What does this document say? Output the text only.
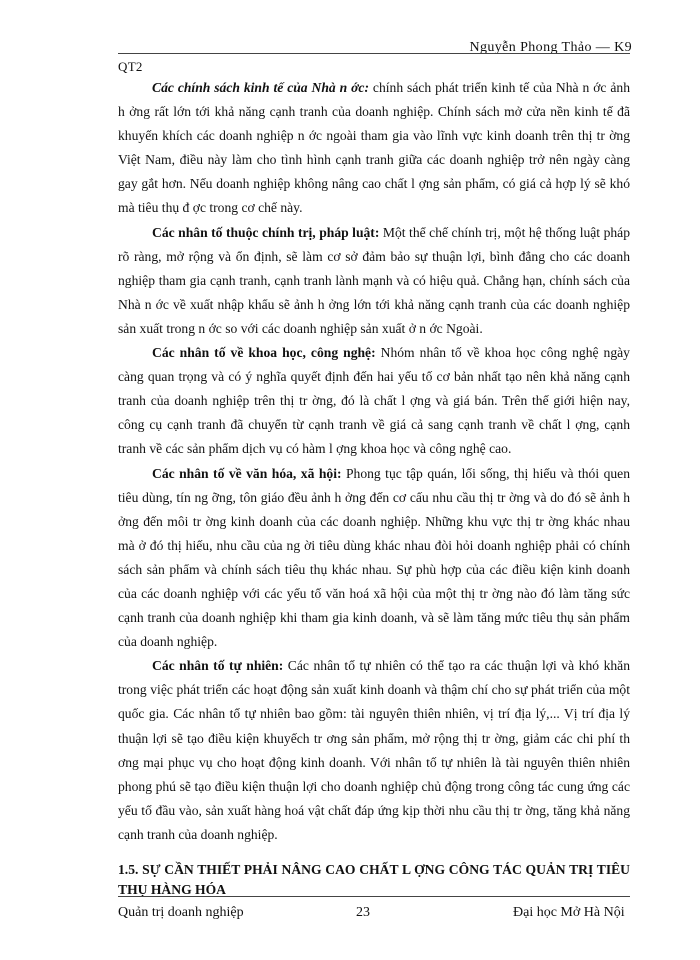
Nguyễn Phong Thảo — K9
QT2

Các chính sách kinh tế của Nhà n ớc: chính sách phát triển kinh tế của Nhà n ớc ảnh h ởng rất lớn tới khả năng cạnh tranh của doanh nghiệp. Chính sách mở cửa nền kinh tế đã khuyến khích các doanh nghiệp n ớc ngoài tham gia vào lĩnh vực kinh doanh trên thị tr ờng Việt Nam, điều này làm cho tình hình cạnh tranh giữa các doanh nghiệp trở nên ngày càng gay gắt hơn. Nếu doanh nghiệp không nâng cao chất l ợng sản phẩm, có giá cả hợp lý sẽ khó mà tiêu thụ đ ợc trong cơ chế này.

Các nhân tố thuộc chính trị, pháp luật: Một thể chế chính trị, một hệ thống luật pháp rõ ràng, mở rộng và ổn định, sẽ làm cơ sở đảm bảo sự thuận lợi, bình đẳng cho các doanh nghiệp tham gia cạnh tranh, cạnh tranh lành mạnh và có hiệu quả. Chẳng hạn, chính sách của Nhà n ớc về xuất nhập khẩu sẽ ảnh h ởng lớn tới khả năng cạnh tranh của các doanh nghiệp sản xuất trong n ớc so với các doanh nghiệp sản xuất ở n ớc Ngoài.

Các nhân tố về khoa học, công nghệ: Nhóm nhân tố về khoa học công nghệ ngày càng quan trọng và có ý nghĩa quyết định đến hai yếu tố cơ bản nhất tạo nên khả năng cạnh tranh của doanh nghiệp trên thị tr ờng, đó là chất l ợng và giá bán. Trên thế giới hiện nay, công cụ cạnh tranh đã chuyển từ cạnh tranh về giá cả sang cạnh tranh về chất l ợng, cạnh tranh về các sản phẩm dịch vụ có hàm l ợng khoa học và công nghệ cao.

Các nhân tố về văn hóa, xã hội: Phong tục tập quán, lối sống, thị hiếu và thói quen tiêu dùng, tín ng ỡng, tôn giáo đều ảnh h ởng đến cơ cấu nhu cầu thị tr ờng và do đó sẽ ảnh h ởng đến môi tr ờng kinh doanh của các doanh nghiệp. Những khu vực thị tr ờng khác nhau mà ở đó thị hiếu, nhu cầu của ng ời tiêu dùng khác nhau đòi hỏi doanh nghiệp phải có chính sách sản phẩm và chính sách tiêu thụ khác nhau. Sự phù hợp của các điều kiện kinh doanh của các doanh nghiệp với các yếu tố văn hoá xã hội của một thị tr ờng nào đó làm tăng sức cạnh tranh của doanh nghiệp khi tham gia kinh doanh, và sẽ làm tăng mức tiêu thụ sản phẩm của doanh nghiệp.

Các nhân tố tự nhiên: Các nhân tố tự nhiên có thể tạo ra các thuận lợi và khó khăn trong việc phát triển các hoạt động sản xuất kinh doanh và thậm chí cho sự phát triển của một quốc gia. Các nhân tố tự nhiên bao gồm: tài nguyên thiên nhiên, vị trí địa lý,... Vị trí địa lý thuận lợi sẽ tạo điều kiện khuyếch tr ơng sản phẩm, mở rộng thị tr ờng, giảm các chi phí th ơng mại phục vụ cho hoạt động kinh doanh. Với nhân tố tự nhiên là tài nguyên thiên nhiên phong phú sẽ tạo điều kiện thuận lợi cho doanh nghiệp chủ động trong công tác cung ứng các yếu tố đầu vào, sản xuất hàng hoá vật chất đáp ứng kịp thời nhu cầu thị tr ờng, tăng khả năng cạnh tranh của doanh nghiệp.

1.5. SỰ CẦN THIẾT PHẢI NÂNG CAO CHẤT L ỢNG CÔNG TÁC QUẢN TRỊ TIÊU THỤ HÀNG HÓA

Quản trị doanh nghiệp	23	Đại học Mở Hà Nội
